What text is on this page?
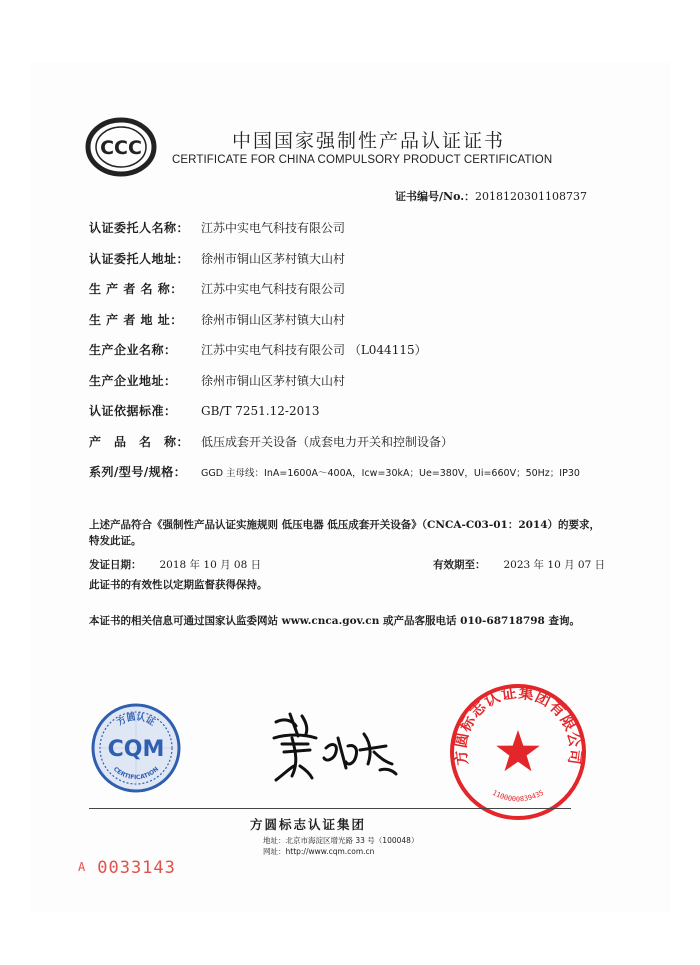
CCC	中国国家强制性产品认证证书
CERTIFICATE FOR CHINA COMPULSORY PRODUCT CERTIFICATION
证书编号/No.：2018120301108737
认证委托人名称： 江苏中实电气科技有限公司
认证委托人地址： 徐州市铜山区茅村镇大山村
生 产 者 名 称： 江苏中实电气科技有限公司
生 产 者 地 址： 徐州市铜山区茅村镇大山村
生产企业名称： 江苏中实电气科技有限公司 （L044115）
生产企业地址： 徐州市铜山区茅村镇大山村
认证依据标准： GB/T 7251.12-2013
产　品　名　称： 低压成套开关设备（成套电力开关和控制设备）
系列/型号/规格： GGD 主母线：InA=1600A～400A，Icw=30kA；Ue=380V，Ui=660V；50Hz；IP30
上述产品符合《强制性产品认证实施规则 低压电器 低压成套开关设备》（CNCA-C03-01：2014）的要求，
特发此证。
发证日期： 2018 年 10 月 08 日	有效期至： 2023 年 10 月 07 日
此证书的有效性以定期监督获得保持。
本证书的相关信息可通过国家认监委网站 www.cnca.gov.cn 或产品客服电话 010-68718798 查询。
方圆认证
CQM
CERTIFICATION
方圆标志认证集团有限公司
1100000839435
方圆标志认证集团
地址：北京市海淀区增光路 33 号（100048）
网址：http://www.cqm.com.cn
A 0033143
